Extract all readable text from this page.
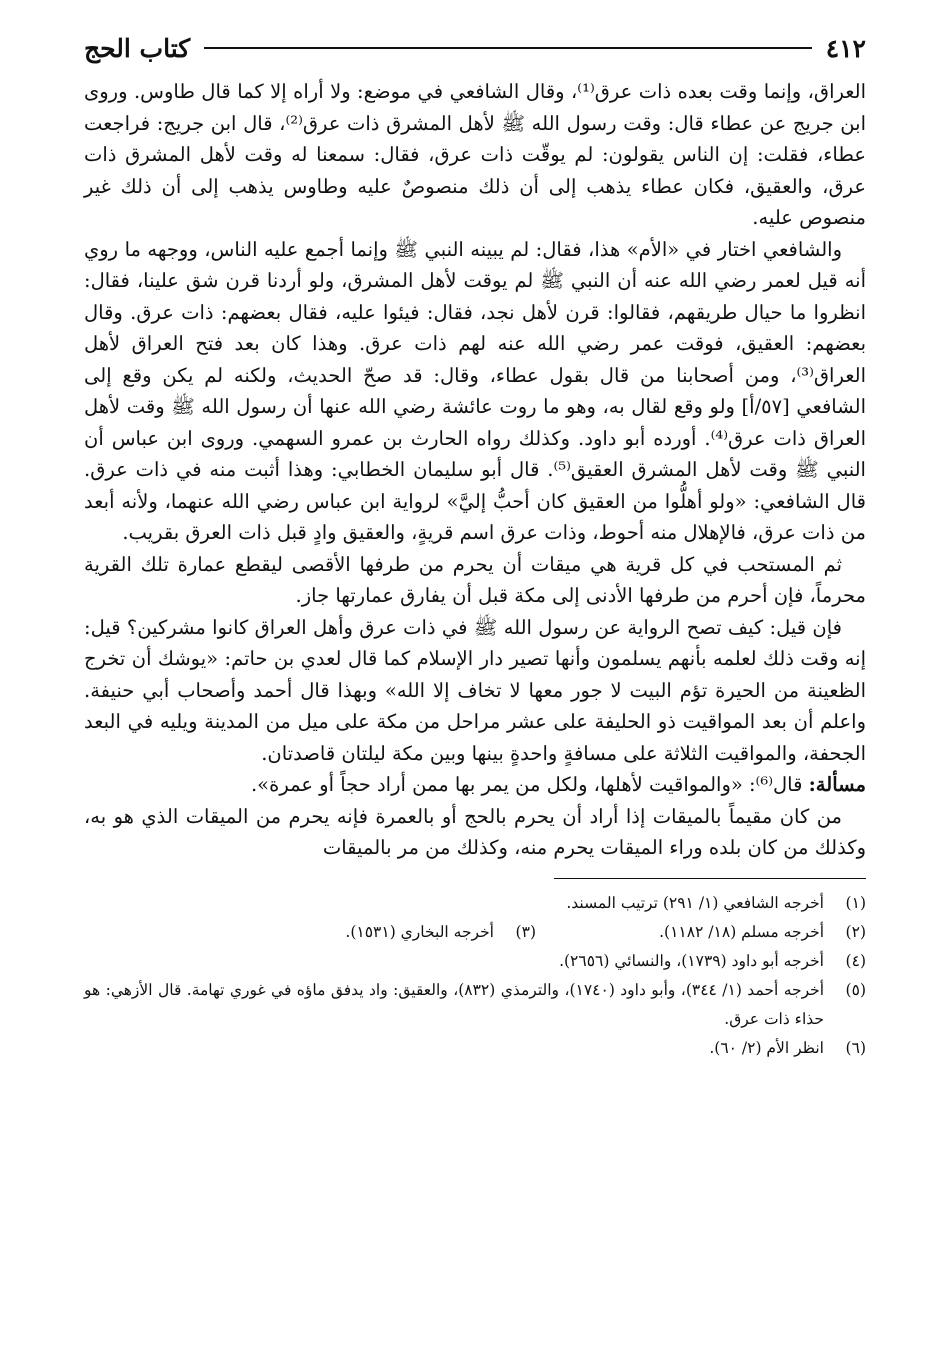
٤١٢
كتاب الحج

العراق، وإنما وقت بعده ذات عرق⁽¹⁾، وقال الشافعي في موضع: ولا أراه إلا كما قال طاوس. وروى ابن جريج عن عطاء قال: وقت رسول الله ﷺ لأهل المشرق ذات عرق⁽²⁾، قال ابن جريج: فراجعت عطاء، فقلت: إن الناس يقولون: لم يوقّت ذات عرق، فقال: سمعنا له وقت لأهل المشرق ذات عرق، والعقيق، فكان عطاء يذهب إلى أن ذلك منصوصٌ عليه وطاوس يذهب إلى أن ذلك غير منصوص عليه.

والشافعي اختار في «الأم» هذا، فقال: لم يبينه النبي ﷺ وإنما أجمع عليه الناس، ووجهه ما روي أنه قيل لعمر رضي الله عنه أن النبي ﷺ لم يوقت لأهل المشرق، ولو أردنا قرن شق علينا، فقال: انظروا ما حيال طريقهم، فقالوا: قرن لأهل نجد، فقال: فيئوا عليه، فقال بعضهم: ذات عرق. وقال بعضهم: العقيق، فوقت عمر رضي الله عنه لهم ذات عرق. وهذا كان بعد فتح العراق لأهل العراق⁽³⁾، ومن أصحابنا من قال بقول عطاء، وقال: قد صحّ الحديث، ولكنه لم يكن وقع إلى الشافعي [٥٧/أ] ولو وقع لقال به، وهو ما روت عائشة رضي الله عنها أن رسول الله ﷺ وقت لأهل العراق ذات عرق⁽⁴⁾. أورده أبو داود. وكذلك رواه الحارث بن عمرو السهمي. وروى ابن عباس أن النبي ﷺ وقت لأهل المشرق العقيق⁽⁵⁾. قال أبو سليمان الخطابي: وهذا أثبت منه في ذات عرق. قال الشافعي: «ولو أهلُّوا من العقيق كان أحبُّ إليَّ» لرواية ابن عباس رضي الله عنهما، ولأنه أبعد من ذات عرق، فالإهلال منه أحوط، وذات عرق اسم قريةٍ، والعقيق وادٍ قبل ذات العرق بقريب.

ثم المستحب في كل قرية هي ميقات أن يحرم من طرفها الأقصى ليقطع عمارة تلك القرية محرماً، فإن أحرم من طرفها الأدنى إلى مكة قبل أن يفارق عمارتها جاز.

فإن قيل: كيف تصح الرواية عن رسول الله ﷺ في ذات عرق وأهل العراق كانوا مشركين؟ قيل: إنه وقت ذلك لعلمه بأنهم يسلمون وأنها تصير دار الإسلام كما قال لعدي بن حاتم: «يوشك أن تخرج الظعينة من الحيرة تؤم البيت لا جور معها لا تخاف إلا الله» وبهذا قال أحمد وأصحاب أبي حنيفة. واعلم أن بعد المواقيت ذو الحليفة على عشر مراحل من مكة على ميل من المدينة ويليه في البعد الجحفة، والمواقيت الثلاثة على مسافةٍ واحدةٍ بينها وبين مكة ليلتان قاصدتان.

مسألة: قال⁽⁶⁾: «والمواقيت لأهلها، ولكل من يمر بها ممن أراد حجاً أو عمرة».

من كان مقيماً بالميقات إذا أراد أن يحرم بالحج أو بالعمرة فإنه يحرم من الميقات الذي هو به، وكذلك من كان بلده وراء الميقات يحرم منه، وكذلك من مر بالميقات

(١)
أخرجه الشافعي (١/ ٢٩١) ترتيب المسند.
(٢)
أخرجه مسلم (١٨/ ١١٨٢).
(٣)
أخرجه البخاري (١٥٣١).
(٤)
أخرجه أبو داود (١٧٣٩)، والنسائي (٢٦٥٦).
(٥)
أخرجه أحمد (١/ ٣٤٤)، وأبو داود (١٧٤٠)، والترمذي (٨٣٢)، والعقيق: واد يدفق ماؤه في غوري تهامة. قال الأزهي: هو حذاء ذات عرق.
(٦)
انظر الأم (٢/ ٦٠).
